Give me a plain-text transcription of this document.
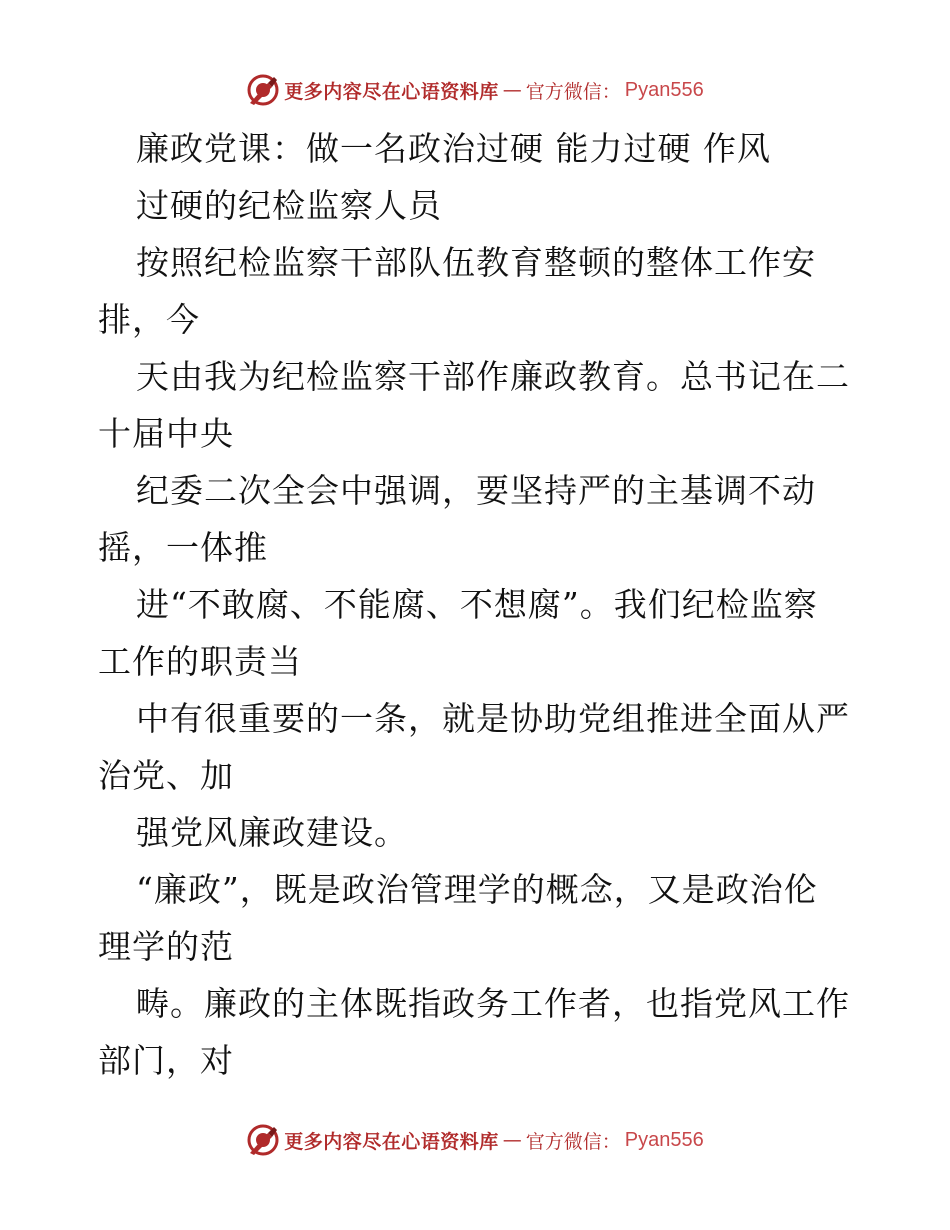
更多内容尽在心语资料库 — 官方微信： Pyan556
廉政党课：做一名政治过硬 能力过硬 作风
过硬的纪检监察人员
按照纪检监察干部队伍教育整顿的整体工作安
排，今
天由我为纪检监察干部作廉政教育。总书记在二
十届中央
纪委二次全会中强调，要坚持严的主基调不动
摇，一体推
进“不敢腐、不能腐、不想腐”。我们纪检监察
工作的职责当
中有很重要的一条，就是协助党组推进全面从严
治党、加
强党风廉政建设。
“廉政”，既是政治管理学的概念，又是政治伦
理学的范
畴。廉政的主体既指政务工作者，也指党风工作
部门，对
更多内容尽在心语资料库 — 官方微信： Pyan556
